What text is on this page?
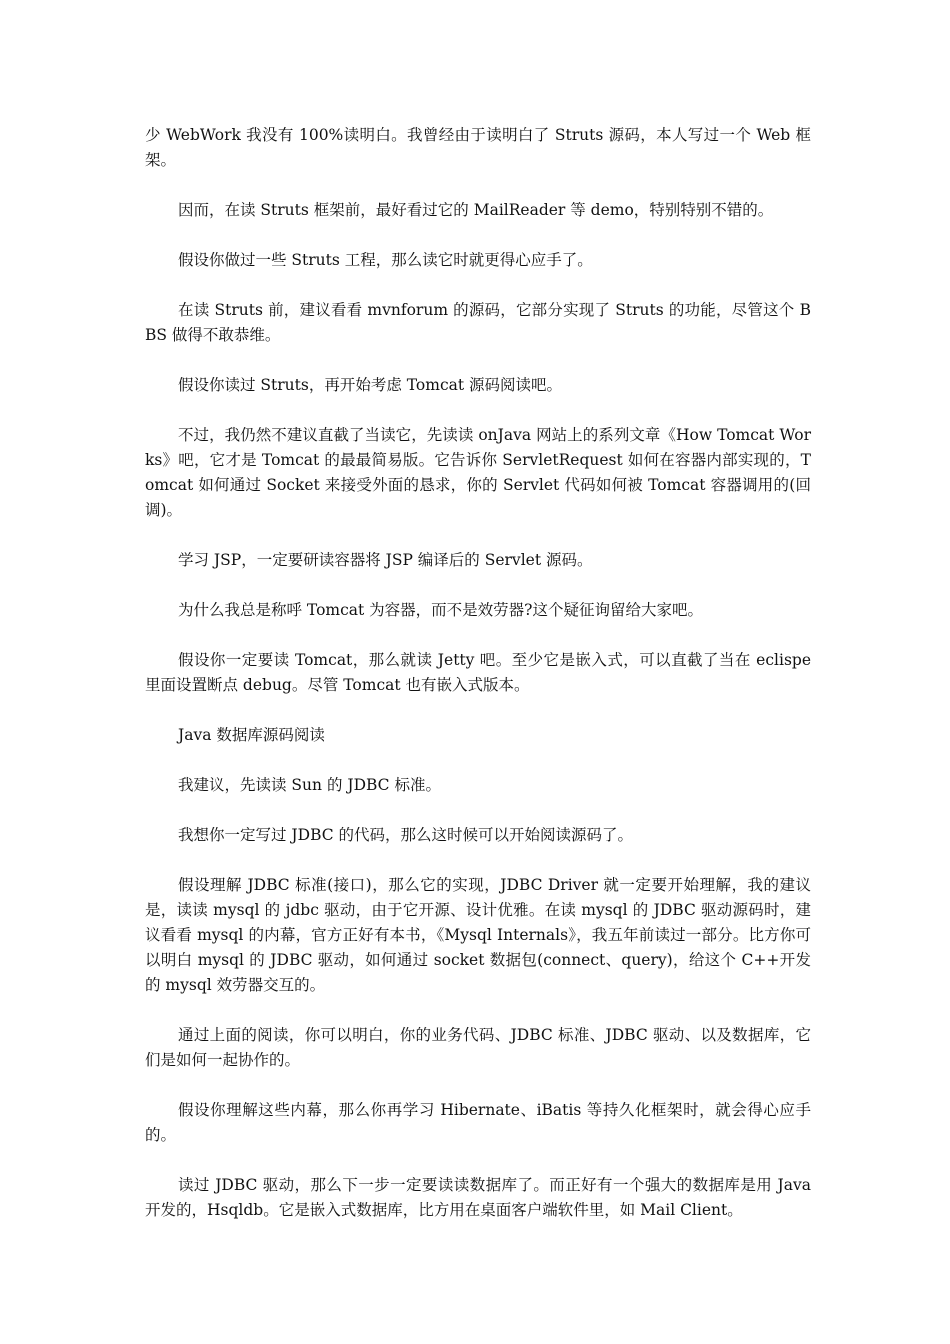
少 WebWork 我没有 100%读明白。我曾经由于读明白了 Struts 源码，本人写过一个 Web 框架。

因而，在读 Struts 框架前，最好看过它的 MailReader 等 demo，特别特别不错的。

假设你做过一些 Struts 工程，那么读它时就更得心应手了。

在读 Struts 前，建议看看 mvnforum 的源码，它部分实现了 Struts 的功能，尽管这个 BBS 做得不敢恭维。

假设你读过 Struts，再开始考虑 Tomcat 源码阅读吧。

不过，我仍然不建议直截了当读它，先读读 onJava 网站上的系列文章《How Tomcat Works》吧，它才是 Tomcat 的最最简易版。它告诉你 ServletRequest 如何在容器内部实现的，Tomcat 如何通过 Socket 来接受外面的恳求，你的 Servlet 代码如何被 Tomcat 容器调用的(回调)。

学习 JSP，一定要研读容器将 JSP 编译后的 Servlet 源码。

为什么我总是称呼 Tomcat 为容器，而不是效劳器?这个疑征询留给大家吧。

假设你一定要读 Tomcat，那么就读 Jetty 吧。至少它是嵌入式，可以直截了当在 eclispe 里面设置断点 debug。尽管 Tomcat 也有嵌入式版本。

Java 数据库源码阅读

我建议，先读读 Sun 的 JDBC 标准。

我想你一定写过 JDBC 的代码，那么这时候可以开始阅读源码了。

假设理解 JDBC 标准(接口)，那么它的实现，JDBC Driver 就一定要开始理解，我的建议是，读读 mysql 的 jdbc 驱动，由于它开源、设计优雅。在读 mysql 的 JDBC 驱动源码时，建议看看 mysql 的内幕，官方正好有本书，《Mysql Internals》，我五年前读过一部分。比方你可以明白 mysql 的 JDBC 驱动，如何通过 socket 数据包(connect、query)，给这个 C++开发的 mysql 效劳器交互的。

通过上面的阅读，你可以明白，你的业务代码、JDBC 标准、JDBC 驱动、以及数据库，它们是如何一起协作的。

假设你理解这些内幕，那么你再学习 Hibernate、iBatis 等持久化框架时，就会得心应手的。

读过 JDBC 驱动，那么下一步一定要读读数据库了。而正好有一个强大的数据库是用 Java 开发的，Hsqldb。它是嵌入式数据库，比方用在桌面客户端软件里，如 Mail Client。
